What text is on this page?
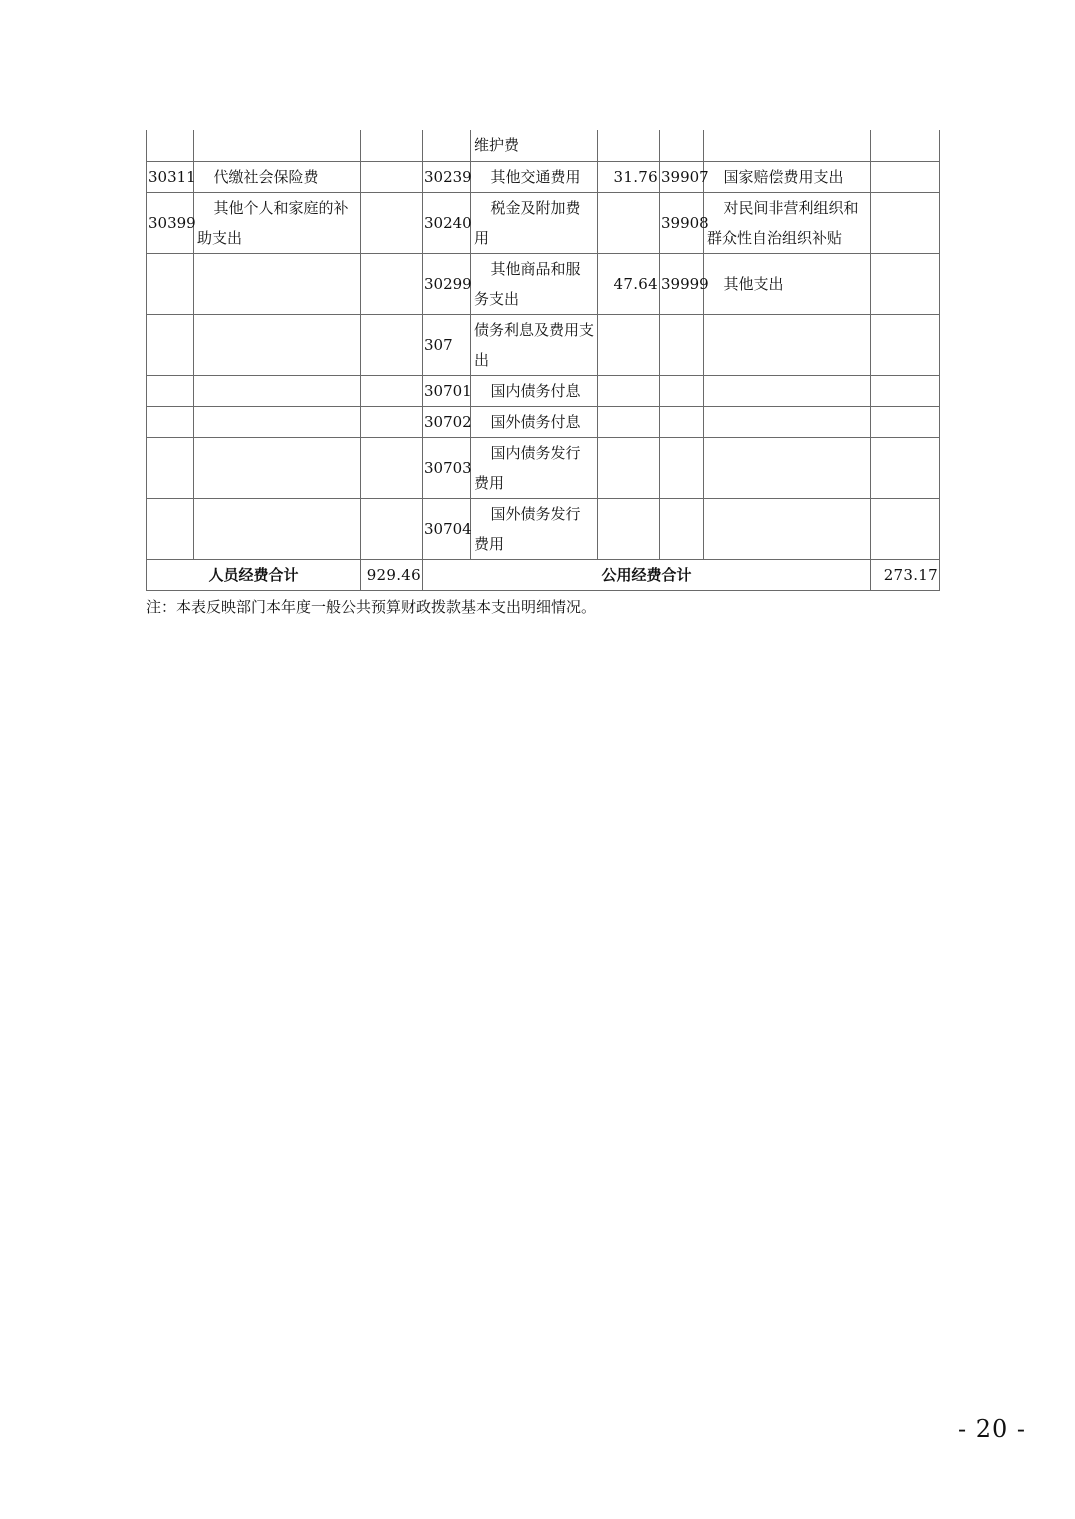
				维护费				
30311	代缴社会保险费		30239	其他交通费用	31.76	39907	国家赔偿费用支出	
30399	其他个人和家庭的补助支出		30240	税金及附加费用		39908	对民间非营利组织和群众性自治组织补贴	
			30299	其他商品和服务支出	47.64	39999	其他支出	
			307	债务利息及费用支出				
			30701	国内债务付息				
			30702	国外债务付息				
			30703	国内债务发行费用				
			30704	国外债务发行费用				
人员经费合计		929.46	公用经费合计					273.17
注：本表反映部门本年度一般公共预算财政拨款基本支出明细情况。
- 20 -
